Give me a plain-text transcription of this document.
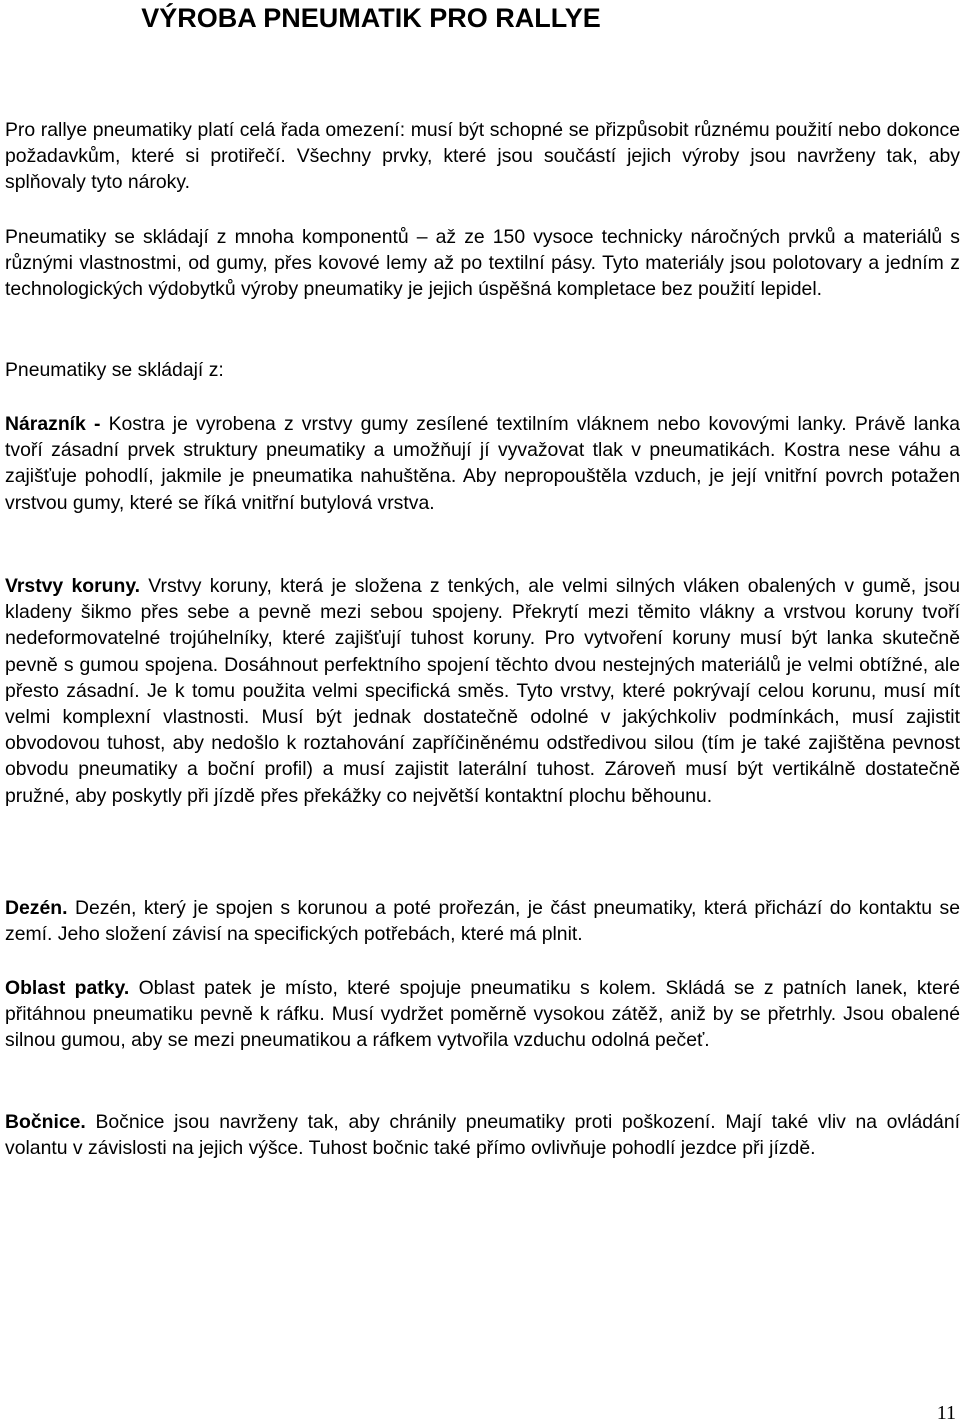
VÝROBA PNEUMATIK PRO RALLYE

Pro rallye pneumatiky platí celá řada omezení: musí být schopné se přizpůsobit různému použití nebo dokonce požadavkům, které si protiřečí. Všechny prvky, které jsou součástí jejich výroby jsou navrženy tak, aby splňovaly tyto nároky.

Pneumatiky se skládají z mnoha komponentů – až ze 150 vysoce technicky náročných prvků a materiálů s různými vlastnostmi, od gumy, přes kovové lemy až po textilní pásy. Tyto materiály jsou polotovary a jedním z technologických výdobytků výroby pneumatiky je jejich úspěšná kompletace bez použití lepidel.

Pneumatiky se skládají z:

Nárazník - Kostra je vyrobena z vrstvy gumy zesílené textilním vláknem nebo kovovými lanky. Právě lanka tvoří zásadní prvek struktury pneumatiky a umožňují jí vyvažovat tlak v pneumatikách. Kostra nese váhu a zajišťuje pohodlí, jakmile je pneumatika nahuštěna. Aby nepropouštěla vzduch, je její vnitřní povrch potažen vrstvou gumy, které se říká vnitřní butylová vrstva.

Vrstvy koruny. Vrstvy koruny, která je složena z tenkých, ale velmi silných vláken obalených v gumě, jsou kladeny šikmo přes sebe a pevně mezi sebou spojeny. Překrytí mezi těmito vlákny a vrstvou koruny tvoří nedeformovatelné trojúhelníky, které zajišťují tuhost koruny. Pro vytvoření koruny musí být lanka skutečně pevně s gumou spojena. Dosáhnout perfektního spojení těchto dvou nestejných materiálů je velmi obtížné, ale přesto zásadní. Je k tomu použita velmi specifická směs. Tyto vrstvy, které pokrývají celou korunu, musí mít velmi komplexní vlastnosti. Musí být jednak dostatečně odolné v jakýchkoliv podmínkách, musí zajistit obvodovou tuhost, aby nedošlo k roztahování zapříčiněnému odstředivou silou (tím je také zajištěna pevnost obvodu pneumatiky a boční profil) a musí zajistit laterální tuhost. Zároveň musí být vertikálně dostatečně pružné, aby poskytly při jízdě přes překážky co největší kontaktní plochu běhounu.

Dezén. Dezén, který je spojen s korunou a poté prořezán, je část pneumatiky, která přichází do kontaktu se zemí. Jeho složení závisí na specifických potřebách, které má plnit.

Oblast patky. Oblast patek je místo, které spojuje pneumatiku s kolem. Skládá se z patních lanek, které přitáhnou pneumatiku pevně k ráfku. Musí vydržet poměrně vysokou zátěž, aniž by se přetrhly. Jsou obalené silnou gumou, aby se mezi pneumatikou a ráfkem vytvořila vzduchu odolná pečeť.

Bočnice. Bočnice jsou navrženy tak, aby chránily pneumatiky proti poškození. Mají také vliv na ovládání volantu v závislosti na jejich výšce. Tuhost bočnic také přímo ovlivňuje pohodlí jezdce při jízdě.

11
